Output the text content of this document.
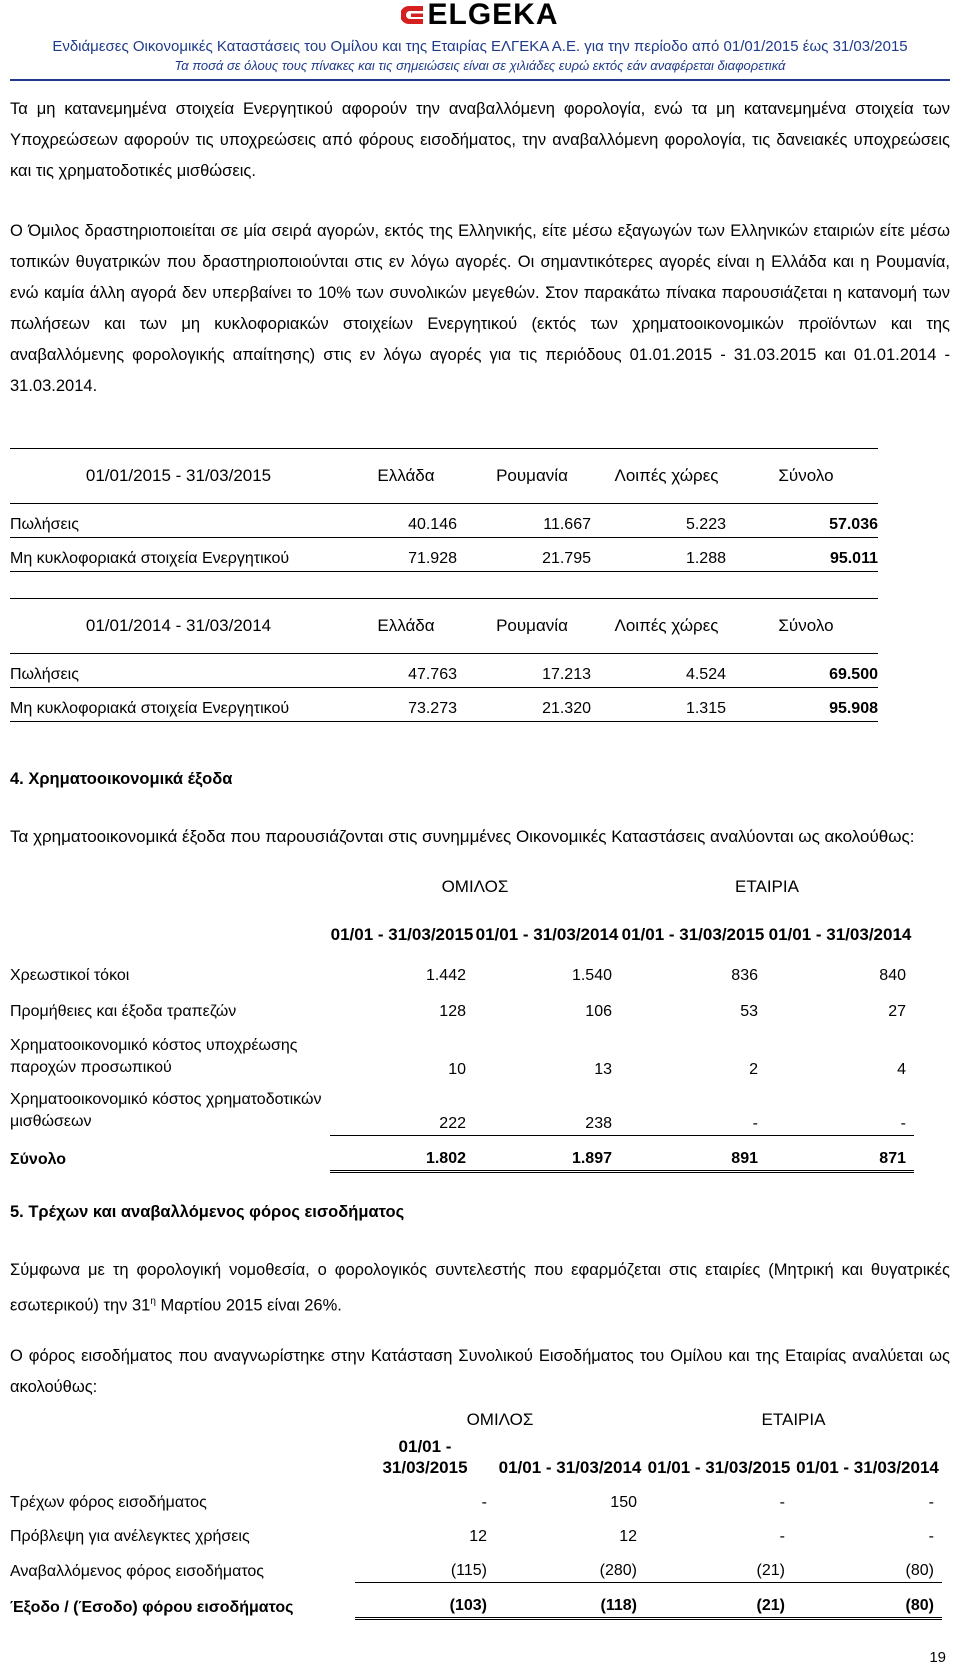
ELGEKA
Ενδιάμεσες Οικονομικές Καταστάσεις του Ομίλου και της Εταιρίας ΕΛΓΕΚΑ Α.Ε. για την περίοδο από 01/01/2015 έως 31/03/2015
Τα ποσά σε όλους τους πίνακες και τις σημειώσεις είναι σε χιλιάδες ευρώ εκτός εάν αναφέρεται διαφορετικά

Τα μη κατανεμημένα στοιχεία Ενεργητικού αφορούν την αναβαλλόμενη φορολογία, ενώ τα μη κατανεμημένα στοιχεία των Υποχρεώσεων αφορούν τις υποχρεώσεις από φόρους εισοδήματος, την αναβαλλόμενη φορολογία, τις δανειακές υποχρεώσεις και τις χρηματοδοτικές μισθώσεις.

Ο Όμιλος δραστηριοποιείται σε μία σειρά αγορών, εκτός της Ελληνικής, είτε μέσω εξαγωγών των Ελληνικών εταιριών είτε μέσω τοπικών θυγατρικών που δραστηριοποιούνται στις εν λόγω αγορές. Οι σημαντικότερες αγορές είναι η Ελλάδα και η Ρουμανία, ενώ καμία άλλη αγορά δεν υπερβαίνει το 10% των συνολικών μεγεθών. Στον παρακάτω πίνακα παρουσιάζεται η κατανομή των πωλήσεων και των μη κυκλοφοριακών στοιχείων Ενεργητικού (εκτός των χρηματοοικονομικών προϊόντων και της αναβαλλόμενης φορολογικής απαίτησης) στις εν λόγω αγορές για τις περιόδους 01.01.2015 - 31.03.2015 και 01.01.2014 - 31.03.2014.

01/01/2015 - 31/03/2015	Ελλάδα	Ρουμανία	Λοιπές χώρες	Σύνολο
Πωλήσεις	40.146	11.667	5.223	57.036
Μη κυκλοφοριακά στοιχεία Ενεργητικού	71.928	21.795	1.288	95.011
01/01/2014 - 31/03/2014	Ελλάδα	Ρουμανία	Λοιπές χώρες	Σύνολο
Πωλήσεις	47.763	17.213	4.524	69.500
Μη κυκλοφοριακά στοιχεία Ενεργητικού	73.273	21.320	1.315	95.908
4. Χρηματοοικονομικά έξοδα

Τα χρηματοοικονομικά έξοδα που παρουσιάζονται στις συνημμένες Οικονομικές Καταστάσεις αναλύονται ως ακολούθως:

	ΟΜΙΛΟΣ		ΕΤΑΙΡΙΑ	
	01/01 - 31/03/2015	01/01 - 31/03/2014	01/01 - 31/03/2015	01/01 - 31/03/2014
Χρεωστικοί τόκοι	1.442	1.540	836	840
Προμήθειες και έξοδα τραπεζών	128	106	53	27
Χρηματοοικονομικό κόστος υποχρέωσης παροχών προσωπικού	10	13	2	4
Χρηματοοικονομικό κόστος χρηματοδοτικών μισθώσεων	222	238	-	-
Σύνολο	1.802	1.897	891	871
5. Τρέχων και αναβαλλόμενος φόρος εισοδήματος

Σύμφωνα με τη φορολογική νομοθεσία, ο φορολογικός συντελεστής που εφαρμόζεται στις εταιρίες (Μητρική και θυγατρικές εσωτερικού) την $31^\eta$ Μαρτίου 2015 είναι 26%.

Ο φόρος εισοδήματος που αναγνωρίστηκε στην Κατάσταση Συνολικού Εισοδήματος του Ομίλου και της Εταιρίας αναλύεται ως ακολούθως:

	ΟΜΙΛΟΣ		ΕΤΑΙΡΙΑ	
	01/01 - 31/03/2015	01/01 - 31/03/2014	01/01 - 31/03/2015	01/01 - 31/03/2014
Τρέχων φόρος εισοδήματος	-	150	-	-
Πρόβλεψη για ανέλεγκτες χρήσεις	12	12	-	-
Αναβαλλόμενος φόρος εισοδήματος	(115)	(280)	(21)	(80)
Έξοδο / (Έσοδο) φόρου εισοδήματος	(103)	(118)	(21)	(80)
19
